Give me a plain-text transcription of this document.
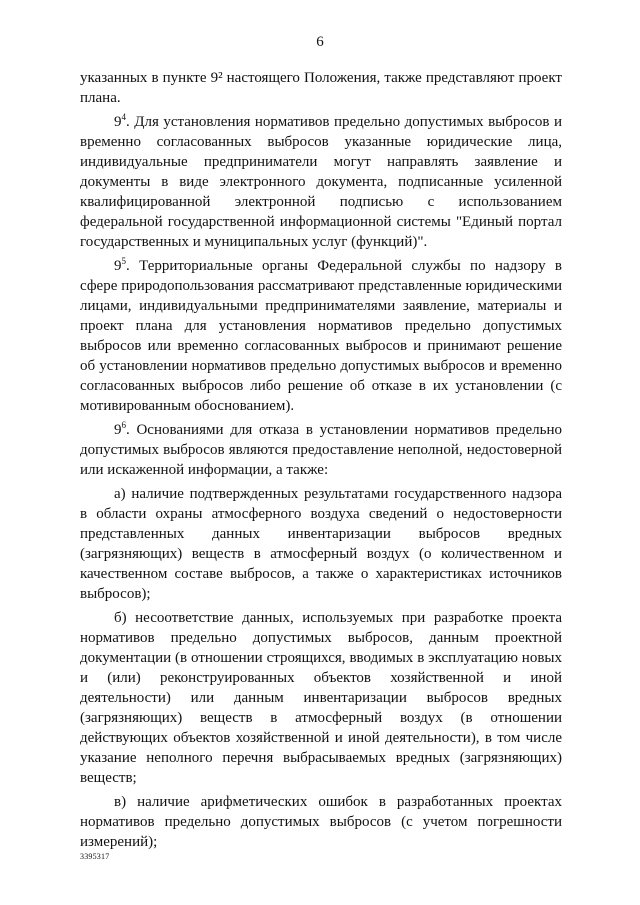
6

указанных в пункте 9² настоящего Положения, также представляют проект плана.

$9^4$. Для установления нормативов предельно допустимых выбросов и временно согласованных выбросов указанные юридические лица, индивидуальные предприниматели могут направлять заявление и документы в виде электронного документа, подписанные усиленной квалифицированной электронной подписью с использованием федеральной государственной информационной системы "Единый портал государственных и муниципальных услуг (функций)".

$9^5$. Территориальные органы Федеральной службы по надзору в сфере природопользования рассматривают представленные юридическими лицами, индивидуальными предпринимателями заявление, материалы и проект плана для установления нормативов предельно допустимых выбросов или временно согласованных выбросов и принимают решение об установлении нормативов предельно допустимых выбросов и временно согласованных выбросов либо решение об отказе в их установлении (с мотивированным обоснованием).

$9^6$. Основаниями для отказа в установлении нормативов предельно допустимых выбросов являются предоставление неполной, недостоверной или искаженной информации, а также:

а) наличие подтвержденных результатами государственного надзора в области охраны атмосферного воздуха сведений о недостоверности представленных данных инвентаризации выбросов вредных (загрязняющих) веществ в атмосферный воздух (о количественном и качественном составе выбросов, а также о характеристиках источников выбросов);

б) несоответствие данных, используемых при разработке проекта нормативов предельно допустимых выбросов, данным проектной документации (в отношении строящихся, вводимых в эксплуатацию новых и (или) реконструированных объектов хозяйственной и иной деятельности) или данным инвентаризации выбросов вредных (загрязняющих) веществ в атмосферный воздух (в отношении действующих объектов хозяйственной и иной деятельности), в том числе указание неполного перечня выбрасываемых вредных (загрязняющих) веществ;

в) наличие арифметических ошибок в разработанных проектах нормативов предельно допустимых выбросов (с учетом погрешности измерений);

3395317
